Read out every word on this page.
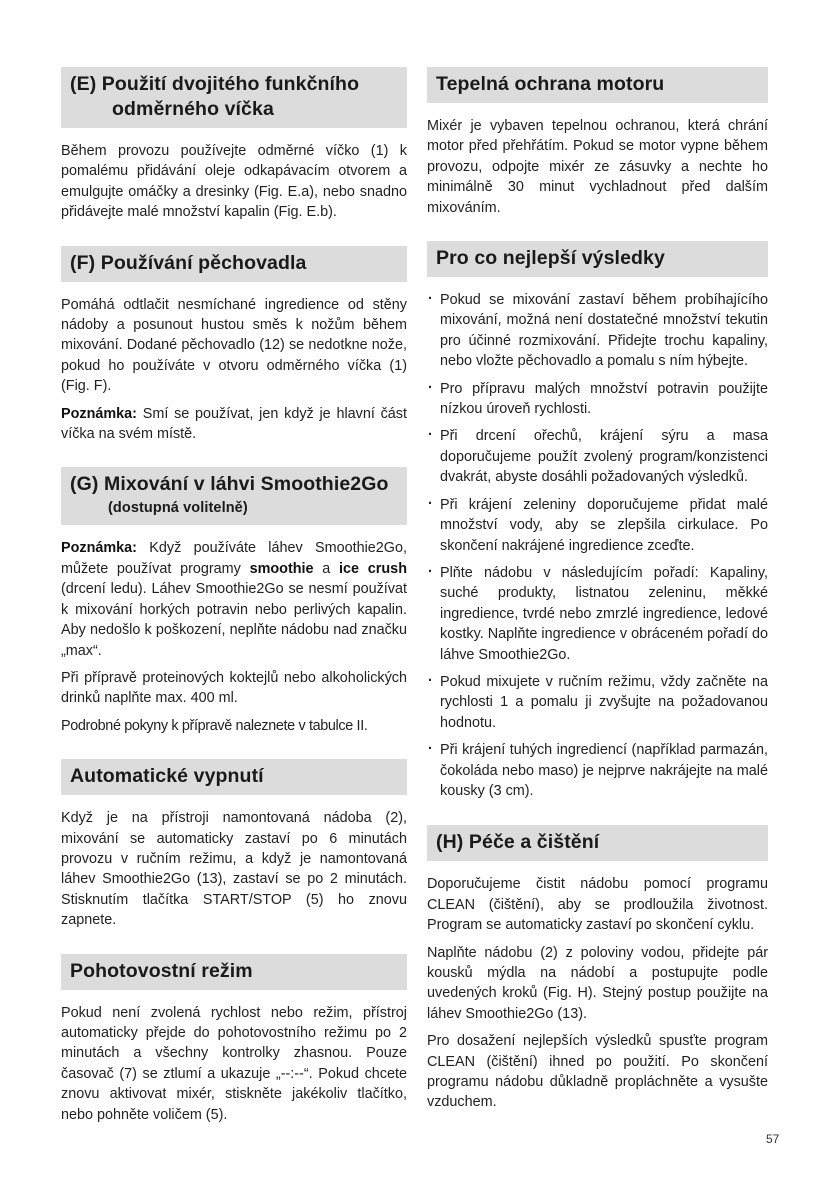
(E) Použití dvojitého funkčního
odměrného víčka

Během provozu používejte odměrné víčko (1) k pomalému přidávání oleje odkapávacím otvorem a emulgujte omáčky a dresinky (Fig. E.a), nebo snadno přidávejte malé množství kapalin (Fig. E.b).

(F) Používání pěchovadla

Pomáhá odtlačit nesmíchané ingredience od stěny nádoby a posunout hustou směs k nožům během mixování. Dodané pěchovadlo (12) se nedotkne nože, pokud ho používáte v otvoru odměrného víčka (1) (Fig. F).

Poznámka: Smí se používat, jen když je hlavní část víčka na svém místě.

(G) Mixování v láhvi Smoothie2Go
(dostupná volitelně)

Poznámka: Když používáte láhev Smoothie2Go, můžete používat programy smoothie a ice crush (drcení ledu). Láhev Smoothie2Go se nesmí používat k mixování horkých potravin nebo perlivých kapalin. Aby nedošlo k poškození, neplňte nádobu nad značku „max“.

Při přípravě proteinových koktejlů nebo alkoholických drinků naplňte max. 400 ml.

Podrobné pokyny k přípravě naleznete v tabulce II.

Automatické vypnutí

Když je na přístroji namontovaná nádoba (2), mixování se automaticky zastaví po 6 minutách provozu v ručním režimu, a když je namontovaná láhev Smoothie2Go (13), zastaví se po 2 minutách. Stisknutím tlačítka START/STOP (5) ho znovu zapnete.

Pohotovostní režim

Pokud není zvolená rychlost nebo režim, přístroj automaticky přejde do pohotovostního režimu po 2 minutách a všechny kontrolky zhasnou. Pouze časovač (7) se ztlumí a ukazuje „--:--“. Pokud chcete znovu aktivovat mixér, stiskněte jakékoliv tlačítko, nebo pohněte voličem (5).

Tepelná ochrana motoru

Mixér je vybaven tepelnou ochranou, která chrání motor před přehřátím. Pokud se motor vypne během provozu, odpojte mixér ze zásuvky a nechte ho minimálně 30 minut vychladnout před dalším mixováním.

Pro co nejlepší výsledky
· Pokud se mixování zastaví během probíhajícího mixování, možná není dostatečné množství tekutin pro účinné rozmixování. Přidejte trochu kapaliny, nebo vložte pěchovadlo a pomalu s ním hýbejte.
· Pro přípravu malých množství potravin použijte nízkou úroveň rychlosti.
· Při drcení ořechů, krájení sýru a masa doporučujeme použít zvolený program/konzistenci dvakrát, abyste dosáhli požadovaných výsledků.
· Při krájení zeleniny doporučujeme přidat malé množství vody, aby se zlepšila cirkulace. Po skončení nakrájené ingredience zceďte.
· Plňte nádobu v následujícím pořadí: Kapaliny, suché produkty, listnatou zeleninu, měkké ingredience, tvrdé nebo zmrzlé ingredience, ledové kostky. Naplňte ingredience v obráceném pořadí do láhve Smoothie2Go.
· Pokud mixujete v ručním režimu, vždy začněte na rychlosti 1 a pomalu ji zvyšujte na požadovanou hodnotu.
· Při krájení tuhých ingrediencí (například parmazán, čokoláda nebo maso) je nejprve nakrájejte na malé kousky (3 cm).
(H) Péče a čištění

Doporučujeme čistit nádobu pomocí programu CLEAN (čištění), aby se prodloužila životnost. Program se automaticky zastaví po skončení cyklu.

Naplňte nádobu (2) z poloviny vodou, přidejte pár kousků mýdla na nádobí a postupujte podle uvedených kroků (Fig. H). Stejný postup použijte na láhev Smoothie2Go (13).

Pro dosažení nejlepších výsledků spusťte program CLEAN (čištění) ihned po použití. Po skončení programu nádobu důkladně propláchněte a vysušte vzduchem.

57
